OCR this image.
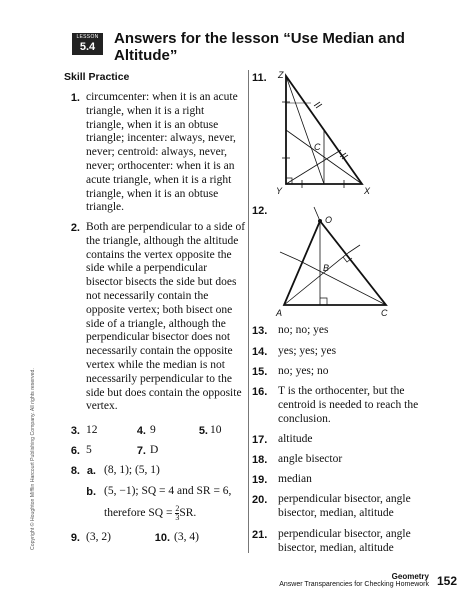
LESSON
5.4	Answers for the lesson “Use Median and Altitude”
Skill Practice
1. circumcenter: when it is an acute triangle, when it is a right triangle, when it is an obtuse triangle; incenter: always, never, never; centroid: always, never, never; orthocenter: when it is an acute triangle, when it is a right triangle, when it is an obtuse triangle.
2. Both are perpendicular to a side of the triangle, although the altitude contains the vertex opposite the side while a perpendicular bisector bisects the side but does not necessarily contain the opposite vertex; both bisect one side of a triangle, although the perpendicular bisector does not necessarily contain the opposite vertex while the median is not necessarily perpendicular to the side but does contain the opposite vertex.
3. 12	4. 9	5. 10
6. 5	7. D
8. a. (8, 1); (5, 1)
b. (5, −1); SQ = 4 and SR = 6,
therefore SQ = $\frac{2}{3}$ SR.
9. (3, 2)	10. (3, 4)
11.	Z
Y	X
C
12.
O
B
A	C
13. no; no; yes
14. yes; yes; yes
15. no; yes; no
16. T is the orthocenter, but the centroid is needed to reach the conclusion.
17. altitude
18. angle bisector
19. median
20. perpendicular bisector, angle bisector, median, altitude
21. perpendicular bisector, angle bisector, median, altitude
Copyright © Houghton Mifflin Harcourt Publishing Company. All rights reserved.
Geometry
Answer Transparencies for Checking Homework 152
